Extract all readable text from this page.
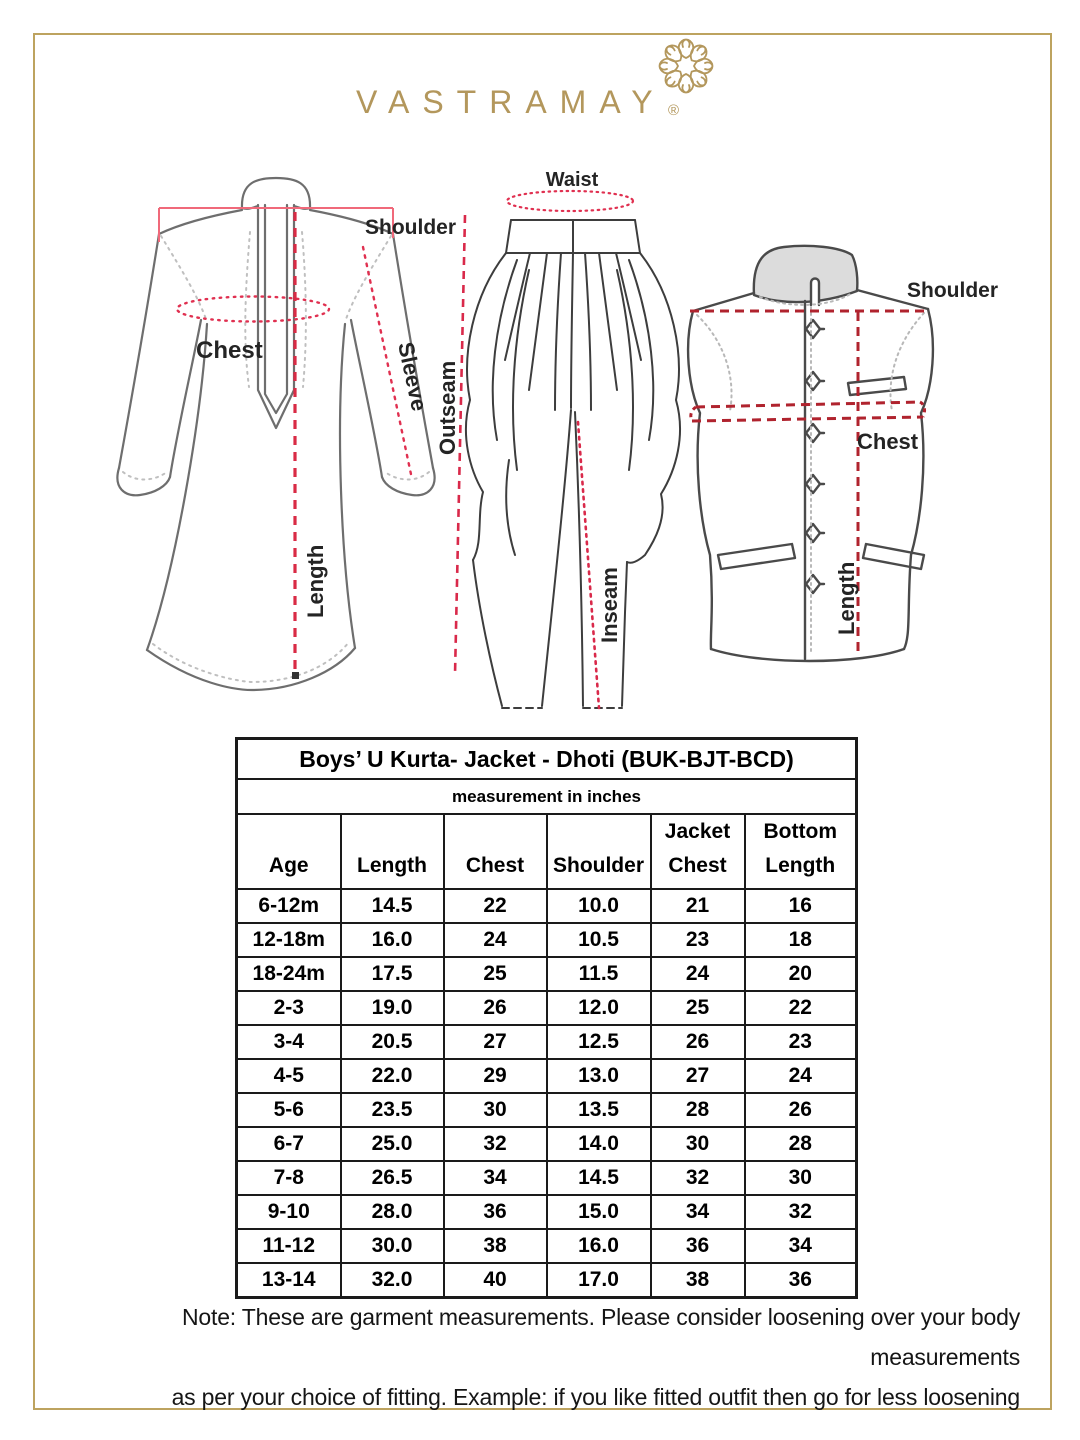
VASTRAMAY ®
Shoulder
Chest	Sleeve
Length
Waist
Outseam
Inseam
Shoulder
Chest
Length
Boys’ U Kurta- Jacket - Dhoti (BUK-BJT-BCD)					
measurement in inches					
Age	Length	Chest	Shoulder	Jacket Chest	Bottom Length
6-12m	14.5	22	10.0	21	16
12-18m	16.0	24	10.5	23	18
18-24m	17.5	25	11.5	24	20
2-3	19.0	26	12.0	25	22
3-4	20.5	27	12.5	26	23
4-5	22.0	29	13.0	27	24
5-6	23.5	30	13.5	28	26
6-7	25.0	32	14.0	30	28
7-8	26.5	34	14.5	32	30
9-10	28.0	36	15.0	34	32
11-12	30.0	38	16.0	36	34
13-14	32.0	40	17.0	38	36
Note: These are garment measurements. Please consider loosening over your body measurements
as per your choice of fitting. Example: if you like fitted outfit then go for less loosening
